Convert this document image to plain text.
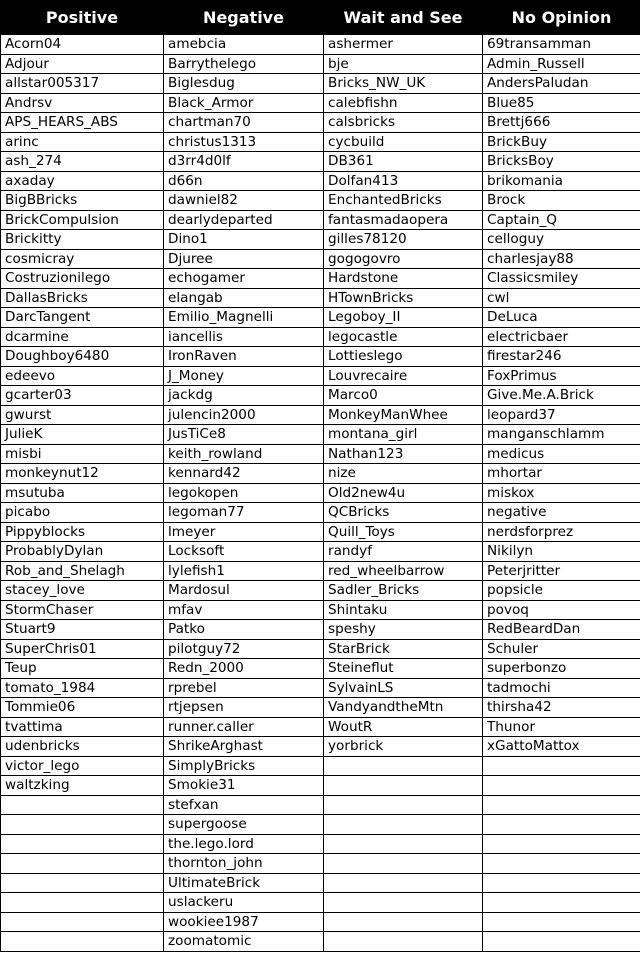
Positive	Negative	Wait and See	No Opinion
Acorn04	amebcia	ashermer	69transamman
Adjour	Barrythelego	bje	Admin_Russell
allstar005317	Biglesdug	Bricks_NW_UK	AndersPaludan
Andrsv	Black_Armor	calebfishn	Blue85
APS_HEARS_ABS	chartman70	calsbricks	Brettj666
arinc	christus1313	cycbuild	BrickBuy
ash_274	d3rr4d0lf	DB361	BricksBoy
axaday	d66n	Dolfan413	brikomania
BigBBricks	dawniel82	EnchantedBricks	Brock
BrickCompulsion	dearlydeparted	fantasmadaopera	Captain_Q
Brickitty	Dino1	gilles78120	celloguy
cosmicray	Djuree	gogogovro	charlesjay88
Costruzionilego	echogamer	Hardstone	Classicsmiley
DallasBricks	elangab	HTownBricks	cwl
DarcTangent	Emilio_Magnelli	Legoboy_II	DeLuca
dcarmine	iancellis	legocastle	electricbaer
Doughboy6480	IronRaven	Lottieslego	firestar246
edeevo	J_Money	Louvrecaire	FoxPrimus
gcarter03	jackdg	Marco0	Give.Me.A.Brick
gwurst	julencin2000	MonkeyManWhee	leopard37
JulieK	JusTiCe8	montana_girl	manganschlamm
misbi	keith_rowland	Nathan123	medicus
monkeynut12	kennard42	nize	mhortar
msutuba	legokopen	Old2new4u	miskox
picabo	legoman77	QCBricks	negative
Pippyblocks	lmeyer	Quill_Toys	nerdsforprez
ProbablyDylan	Locksoft	randyf	Nikilyn
Rob_and_Shelagh	lylefish1	red_wheelbarrow	Peterjritter
stacey_love	Mardosul	Sadler_Bricks	popsicle
StormChaser	mfav	Shintaku	povoq
Stuart9	Patko	speshy	RedBeardDan
SuperChris01	pilotguy72	StarBrick	Schuler
Teup	Redn_2000	Steineflut	superbonzo
tomato_1984	rprebel	SylvainLS	tadmochi
Tommie06	rtjepsen	VandyandtheMtn	thirsha42
tvattima	runner.caller	WoutR	Thunor
udenbricks	ShrikeArghast	yorbrick	xGattoMattox
victor_lego	SimplyBricks		
waltzking	Smokie31		
	stefxan		
	supergoose		
	the.lego.lord		
	thornton_john		
	UltimateBrick		
	uslackeru		
	wookiee1987		
	zoomatomic		
